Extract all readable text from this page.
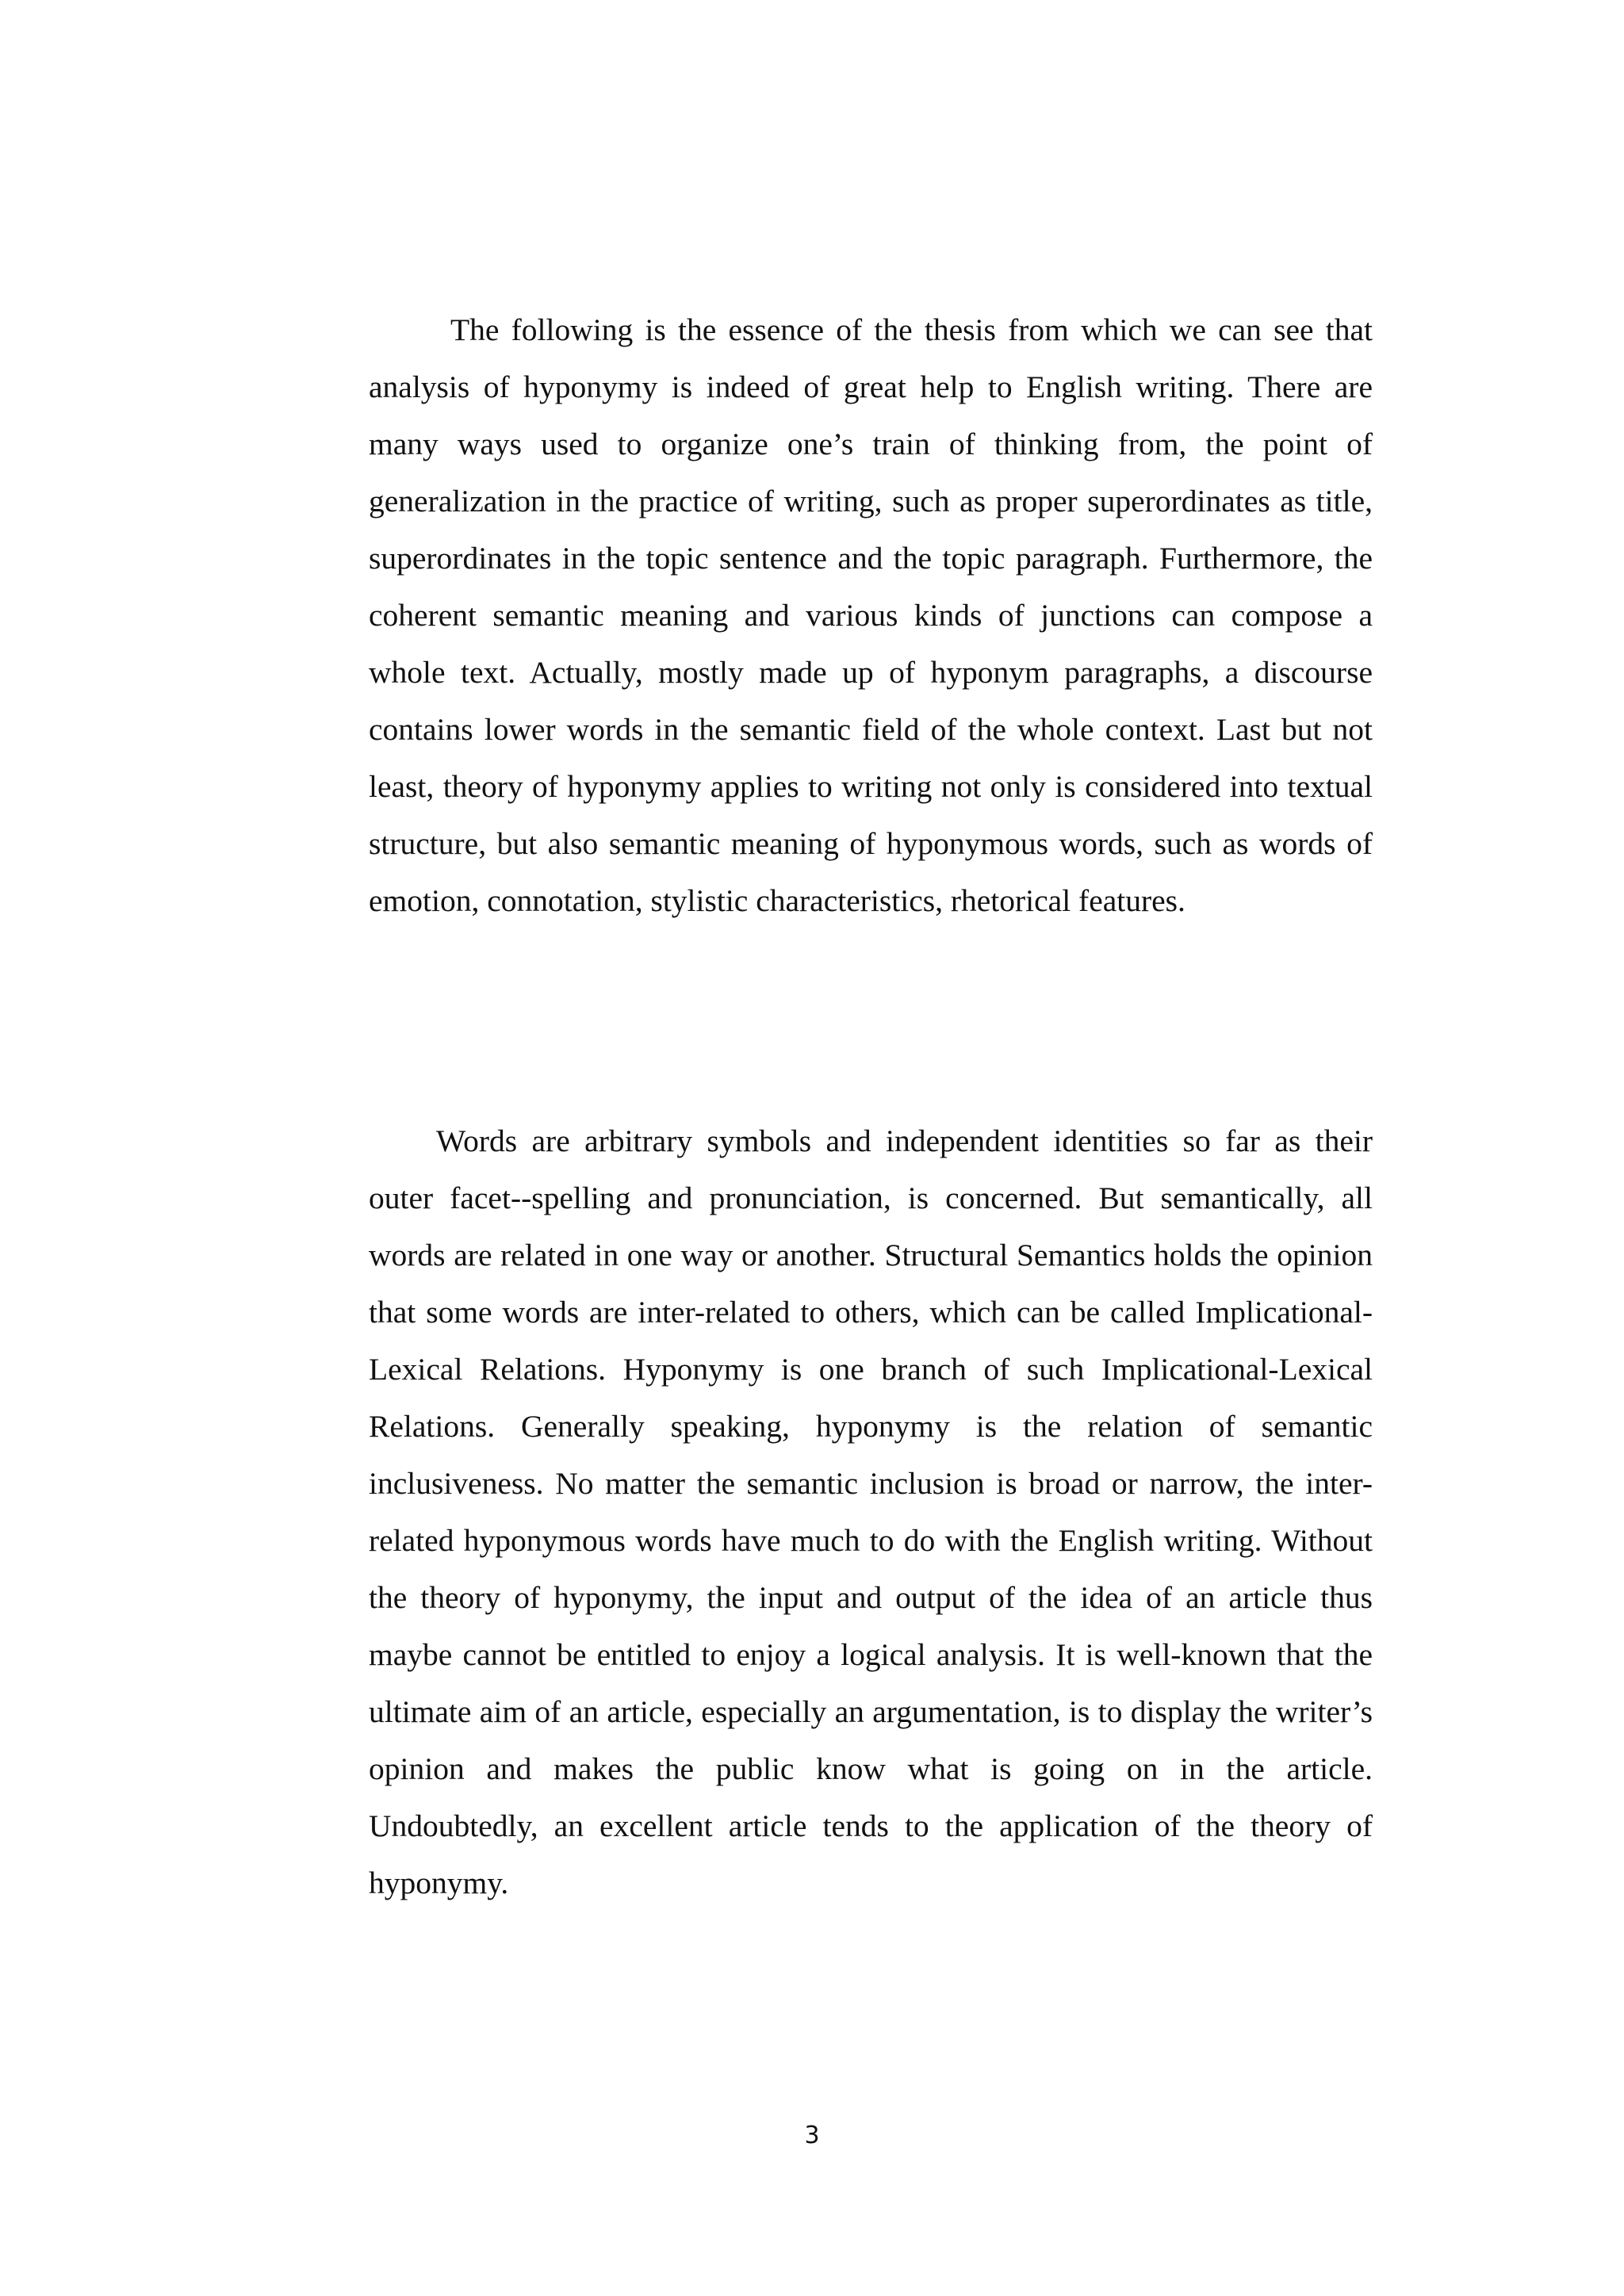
The following is the essence of the thesis from which we can see that analysis of hyponymy is indeed of great help to English writing. There are many ways used to organize one’s train of thinking from, the point of generalization in the practice of writing, such as proper superordinates as title, superordinates in the topic sentence and the topic paragraph. Furthermore, the coherent semantic meaning and various kinds of junctions can compose a whole text. Actually, mostly made up of hyponym paragraphs, a discourse contains lower words in the semantic field of the whole context. Last but not least, theory of hyponymy applies to writing not only is considered into textual structure, but also semantic meaning of hyponymous words, such as words of emotion, connotation, stylistic characteristics, rhetorical features.

Words are arbitrary symbols and independent identities so far as their outer facet--spelling and pronunciation, is concerned. But semantically, all words are related in one way or another. Structural Semantics holds the opinion that some words are inter-related to others, which can be called Implicational-Lexical Relations. Hyponymy is one branch of such Implicational-Lexical Relations. Generally speaking, hyponymy is the relation of semantic inclusiveness. No matter the semantic inclusion is broad or narrow, the inter-related hyponymous words have much to do with the English writing. Without the theory of hyponymy, the input and output of the idea of an article thus maybe cannot be entitled to enjoy a logical analysis. It is well-known that the ultimate aim of an article, especially an argumentation, is to display the writer’s opinion and makes the public know what is going on in the article. Undoubtedly, an excellent article tends to the application of the theory of hyponymy.

3
